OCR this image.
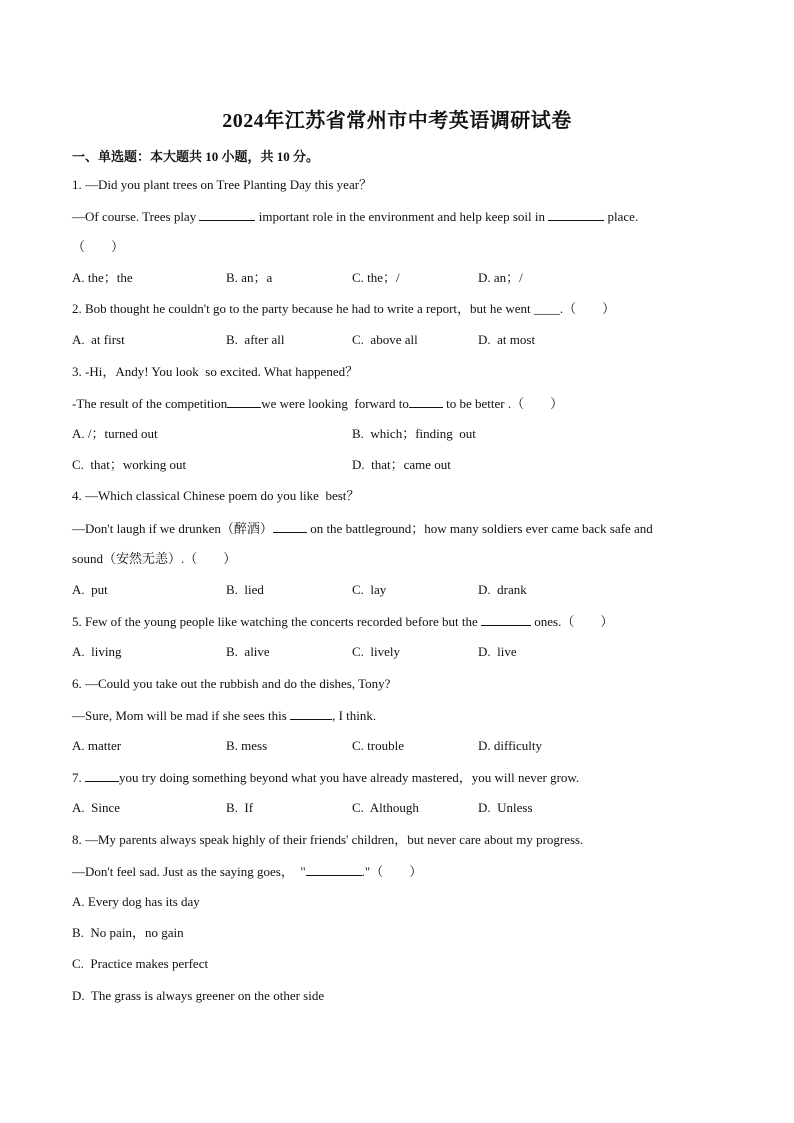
2024年江苏省常州市中考英语调研试卷
一、单选题：本大题共 10 小题，共 10 分。
1. —Did you plant trees on Tree Planting Day this year？
—Of course. Trees play	important role in the environment and help keep soil in	place.
（　　）
A. the；the	B. an；a	C. the；/	D. an；/
2. Bob thought he couldn't go to the party because he had to write a report，but he went ____.（　　）
A.  at first	B.  after all	C.  above all	D.  at most
3. -Hi，Andy! You look  so excited. What happened？
-The result of the competition	we were looking  forward to	to be better .（　　）
A. /；turned out	B.  which；finding  out
C.  that；working out	D.  that；came out
4. —Which classical Chinese poem do you like  best？
—Don't laugh if we drunken（醉酒）	on the battleground；how many soldiers ever came back safe and
sound（安然无恙）.（　　）
A.  put	B.  lied	C.  lay	D.  drank
5. Few of the young people like watching the concerts recorded before but the	ones.（　　）
A.  living	B.  alive	C.  lively	D.  live
6. —Could you take out the rubbish and do the dishes, Tony?
—Sure, Mom will be mad if she sees this	, I think.
A. matter	B. mess	C. trouble	D. difficulty
7.	you try doing something beyond what you have already mastered，you will never grow.
A.  Since	B.  If	C.  Although	D.  Unless
8. —My parents always speak highly of their friends' children，but never care about my progress.
—Don't feel sad. Just as the saying goes，  "	."（　　）
A. Every dog has its day
B.  No pain，no gain
C.  Practice makes perfect
D.  The grass is always greener on the other side
